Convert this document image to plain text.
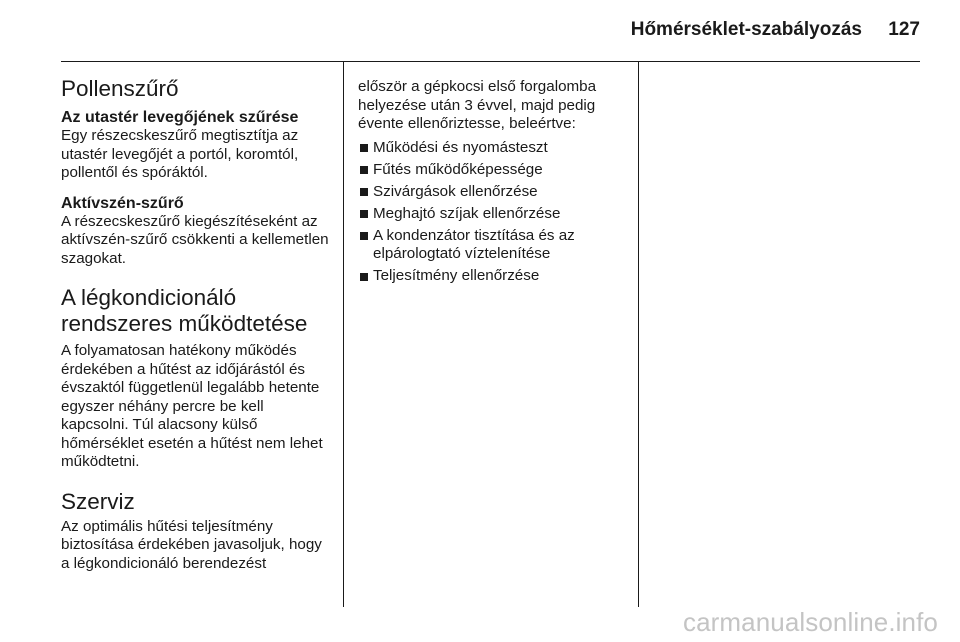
Hőmérséklet-szabályozás 127
Pollenszűrő
Az utastér levegőjének szűrése

Egy részecskeszűrő megtisztítja az utastér levegőjét a portól, koromtól, pollentől és spóráktól.

Aktívszén-szűrő

A részecskeszűrő kiegészítéseként az aktívszén-szűrő csökkenti a kellemetlen szagokat.

A légkondicionáló rendszeres működtetése

A folyamatosan hatékony működés érdekében a hűtést az időjárástól és évszaktól függetlenül legalább hetente egyszer néhány percre be kell kapcsolni. Túl alacsony külső hőmérséklet esetén a hűtést nem lehet működtetni.

Szerviz

Az optimális hűtési teljesítmény biztosítása érdekében javasoljuk, hogy a légkondicionáló berendezést

először a gépkocsi első forgalomba helyezése után 3 évvel, majd pedig évente ellenőriztesse, beleértve:

Működési és nyomásteszt
Fűtés működőképessége
Szivárgások ellenőrzése
Meghajtó szíjak ellenőrzése
A kondenzátor tisztítása és az elpárologtató víztelenítése
Teljesítmény ellenőrzése
carmanualsonline.info
